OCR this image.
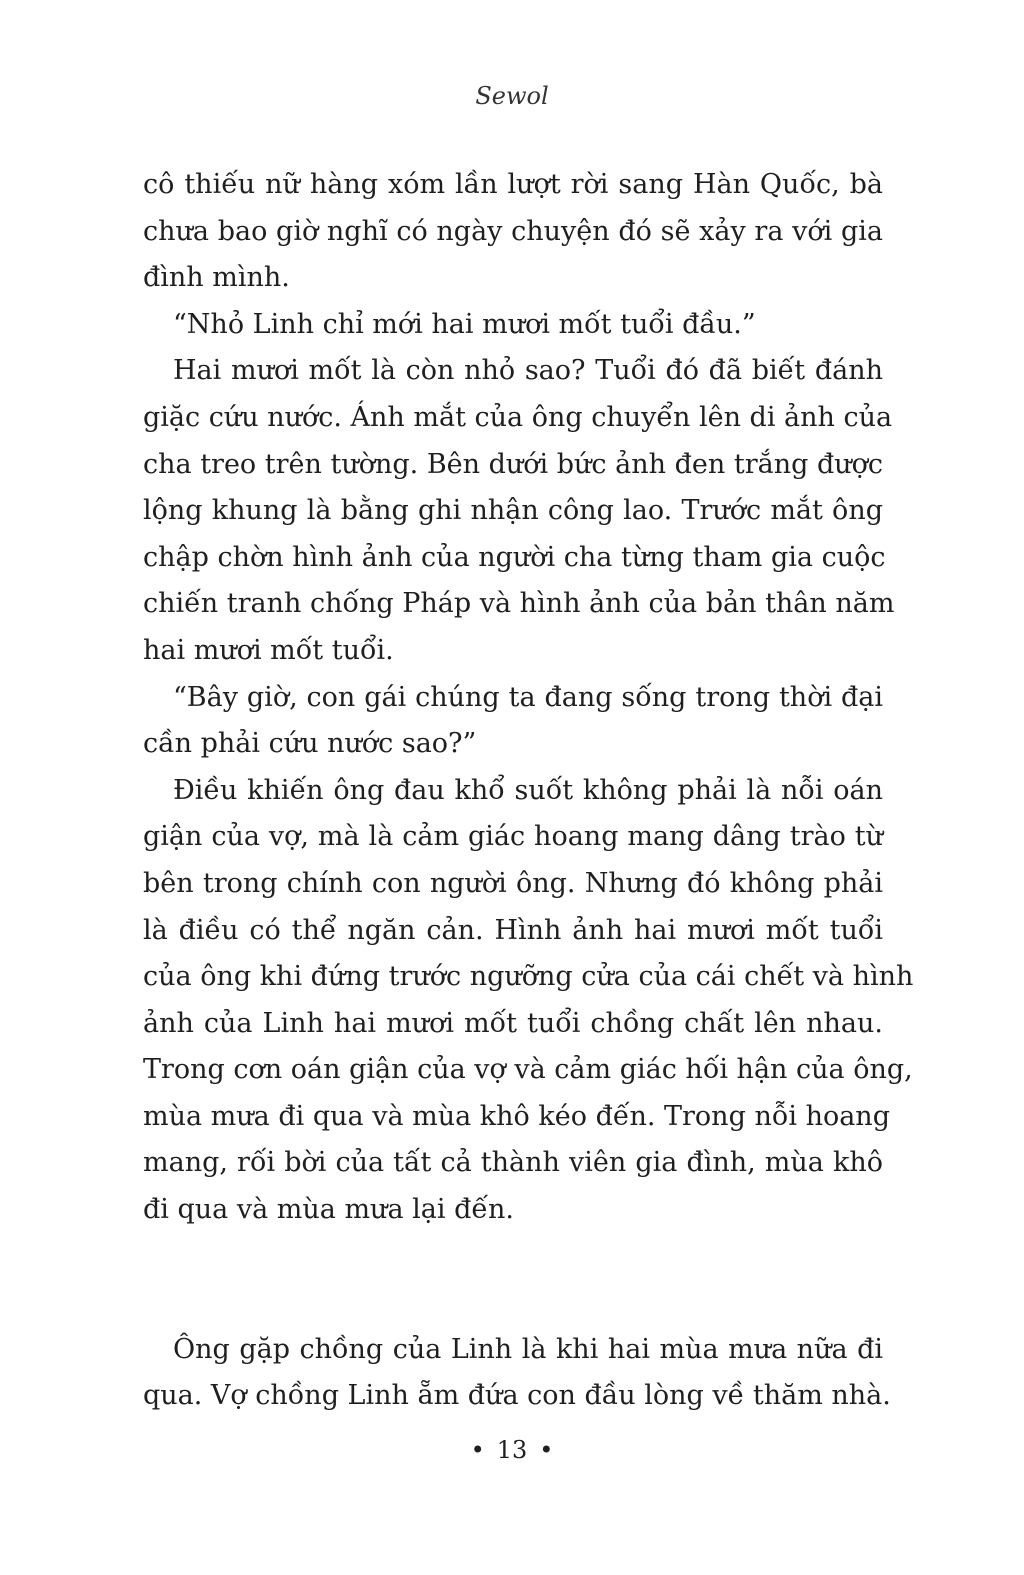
Sewol

cô thiếu nữ hàng xóm lần lượt rời sang Hàn Quốc, bà
chưa bao giờ nghĩ có ngày chuyện đó sẽ xảy ra với gia
đình mình.

“Nhỏ Linh chỉ mới hai mươi mốt tuổi đầu.”

Hai mươi mốt là còn nhỏ sao? Tuổi đó đã biết đánh
giặc cứu nước. Ánh mắt của ông chuyển lên di ảnh của
cha treo trên tường. Bên dưới bức ảnh đen trắng được
lộng khung là bằng ghi nhận công lao. Trước mắt ông
chập chờn hình ảnh của người cha từng tham gia cuộc
chiến tranh chống Pháp và hình ảnh của bản thân năm
hai mươi mốt tuổi.

“Bây giờ, con gái chúng ta đang sống trong thời đại
cần phải cứu nước sao?”

Điều khiến ông đau khổ suốt không phải là nỗi oán
giận của vợ, mà là cảm giác hoang mang dâng trào từ
bên trong chính con người ông. Nhưng đó không phải
là điều có thể ngăn cản. Hình ảnh hai mươi mốt tuổi
của ông khi đứng trước ngưỡng cửa của cái chết và hình
ảnh của Linh hai mươi mốt tuổi chồng chất lên nhau.
Trong cơn oán giận của vợ và cảm giác hối hận của ông,
mùa mưa đi qua và mùa khô kéo đến. Trong nỗi hoang
mang, rối bời của tất cả thành viên gia đình, mùa khô
đi qua và mùa mưa lại đến.

Ông gặp chồng của Linh là khi hai mùa mưa nữa đi
qua. Vợ chồng Linh ẵm đứa con đầu lòng về thăm nhà.

• 13 •
